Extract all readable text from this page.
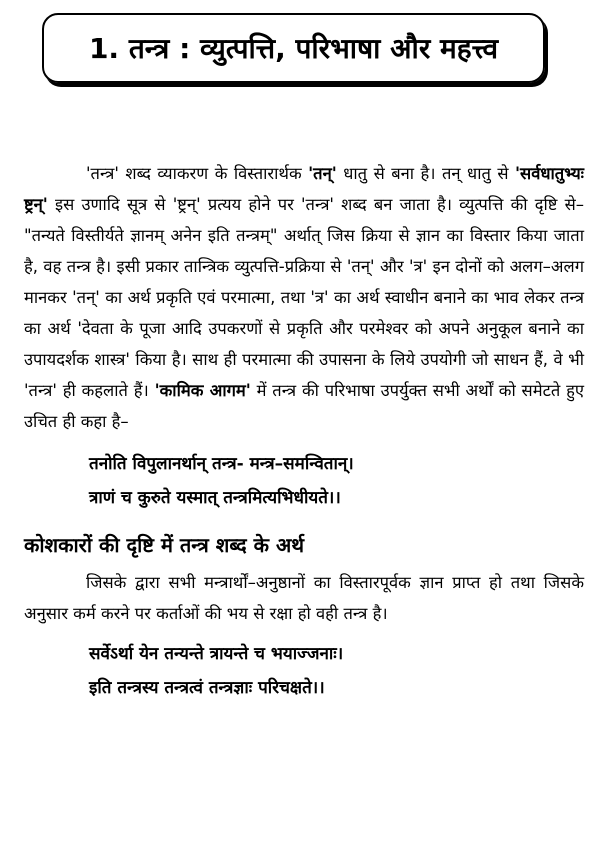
1. तन्त्र : व्युत्पत्ति, परिभाषा और महत्त्व

'तन्त्र' शब्द व्याकरण के विस्तारार्थक 'तन्' धातु से बना है। तन् धातु से 'सर्वधातुभ्यः ष्ट्रन्' इस उणादि सूत्र से 'ष्ट्रन्' प्रत्यय होने पर 'तन्त्र' शब्द बन जाता है। व्युत्पत्ति की दृष्टि से– "तन्यते विस्तीर्यते ज्ञानम् अनेन इति तन्त्रम्" अर्थात् जिस क्रिया से ज्ञान का विस्तार किया जाता है, वह तन्त्र है। इसी प्रकार तान्त्रिक व्युत्पत्ति-प्रक्रिया से 'तन्' और 'त्र' इन दोनों को अलग–अलग मानकर 'तन्' का अर्थ प्रकृति एवं परमात्मा, तथा 'त्र' का अर्थ स्वाधीन बनाने का भाव लेकर तन्त्र का अर्थ 'देवता के पूजा आदि उपकरणों से प्रकृति और परमेश्वर को अपने अनुकूल बनाने का उपायदर्शक शास्त्र' किया है। साथ ही परमात्मा की उपासना के लिये उपयोगी जो साधन हैं, वे भी 'तन्त्र' ही कहलाते हैं। 'कामिक आगम' में तन्त्र की परिभाषा उपर्युक्त सभी अर्थों को समेटते हुए उचित ही कहा है–

तनोति विपुलानर्थान् तन्त्र- मन्त्र–समन्वितान्।

त्राणं च कुरुते यस्मात् तन्त्रमित्यभिधीयते।।

कोशकारों की दृष्टि में तन्त्र शब्द के अर्थ

जिसके द्वारा सभी मन्त्रार्थों–अनुष्ठानों का विस्तारपूर्वक ज्ञान प्राप्त हो तथा जिसके अनुसार कर्म करने पर कर्ताओं की भय से रक्षा हो वही तन्त्र है।

सर्वेऽर्था येन तन्यन्ते त्रायन्ते च भयाज्जनाः।

इति तन्त्रस्य तन्त्रत्वं तन्त्रज्ञाः परिचक्षते।।
